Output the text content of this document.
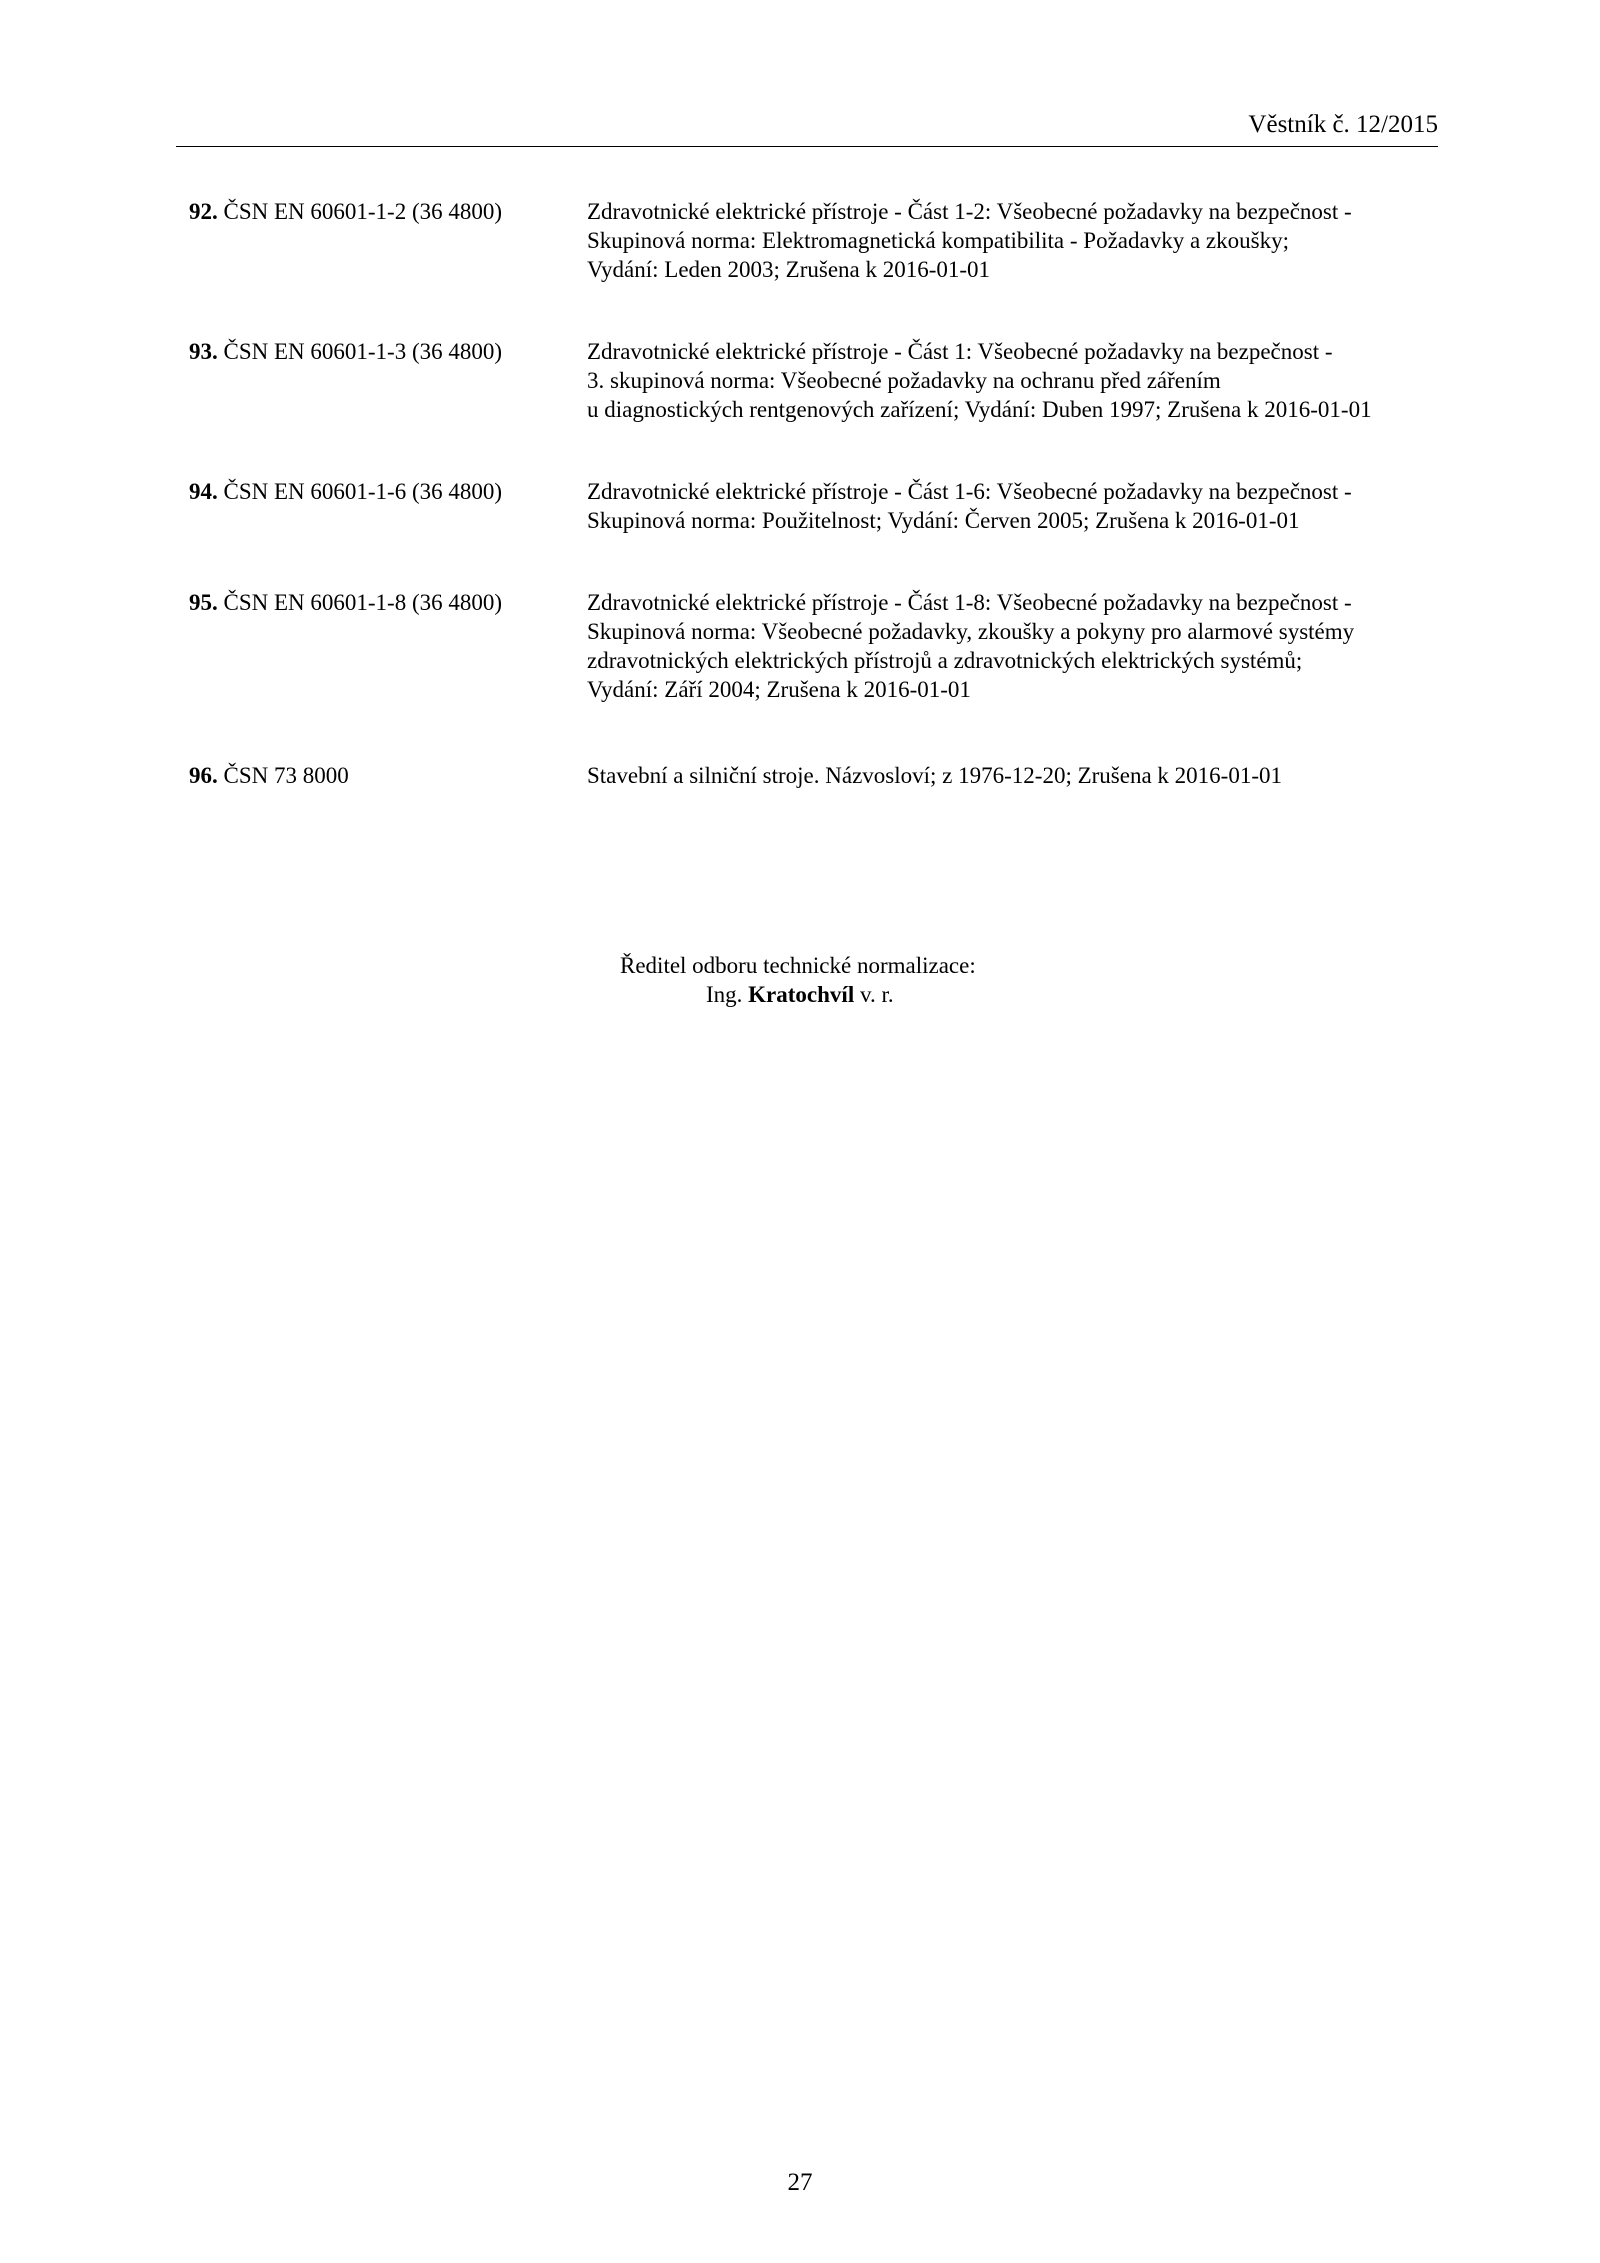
Věstník č. 12/2015
92. ČSN EN 60601-1-2 (36 4800)	Zdravotnické elektrické přístroje - Část 1-2: Všeobecné požadavky na bezpečnost -
Skupinová norma: Elektromagnetická kompatibilita - Požadavky a zkoušky;
Vydání: Leden 2003; Zrušena k 2016-01-01
93. ČSN EN 60601-1-3 (36 4800)	Zdravotnické elektrické přístroje - Část 1: Všeobecné požadavky na bezpečnost -
3. skupinová norma: Všeobecné požadavky na ochranu před zářením
u diagnostických rentgenových zařízení; Vydání: Duben 1997; Zrušena k 2016-01-01
94. ČSN EN 60601-1-6 (36 4800)	Zdravotnické elektrické přístroje - Část 1-6: Všeobecné požadavky na bezpečnost -
Skupinová norma: Použitelnost; Vydání: Červen 2005; Zrušena k 2016-01-01
95. ČSN EN 60601-1-8 (36 4800)	Zdravotnické elektrické přístroje - Část 1-8: Všeobecné požadavky na bezpečnost -
Skupinová norma: Všeobecné požadavky, zkoušky a pokyny pro alarmové systémy
zdravotnických elektrických přístrojů a zdravotnických elektrických systémů;
Vydání: Září 2004; Zrušena k 2016-01-01
96. ČSN 73 8000	Stavební a silniční stroje. Názvosloví; z 1976-12-20; Zrušena k 2016-01-01
Ředitel odboru technické normalizace:
Ing. Kratochvíl v. r.
27
